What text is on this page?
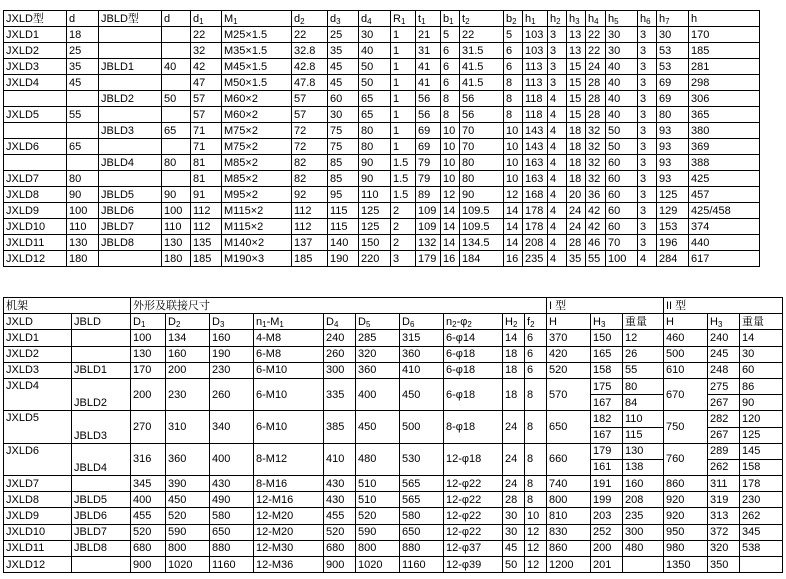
JXLD型	d	JBLD型	d	$d_1$	$M_1$	$d_2$	$d_3$	$d_4$	$R_1$	$t_1$	$b_1$	$t_2$	$b_2$	$h_1$	$h_2$	$h_3$	$h_4$	$h_5$	$h_6$	$h_7$	h
JXLD1	18			22	M25×1.5	22	25	30	1	21	5	22	5	103	3	13	22	30	3	30	170
JXLD2	25			32	M35×1.5	32.8	35	40	1	31	6	31.5	6	103	3	13	22	30	3	53	185
JXLD3	35	JBLD1	40	42	M45×1.5	42.8	45	50	1	41	6	41.5	6	113	3	15	24	40	3	53	281
JXLD4	45			47	M50×1.5	47.8	45	50	1	41	6	41.5	8	113	3	15	28	40	3	69	298
		JBLD2	50	57	M60×2	57	60	65	1	56	8	56	8	118	4	15	28	40	3	69	306
JXLD5	55			57	M60×2	57	30	65	1	56	8	56	8	118	4	15	28	40	3	80	365
		JBLD3	65	71	M75×2	72	75	80	1	69	10	70	10	143	4	18	32	50	3	93	380
JXLD6	65			71	M75×2	72	75	80	1	69	10	70	10	143	4	18	32	50	3	93	369
		JBLD4	80	81	M85×2	82	85	90	1.5	79	10	80	10	163	4	18	32	60	3	93	388
JXLD7	80			81	M85×2	82	85	90	1.5	79	10	80	10	163	4	18	32	60	3	93	425
JXLD8	90	JBLD5	90	91	M95×2	92	95	110	1.5	89	12	90	12	168	4	20	36	60	3	125	457
JXLD9	100	JBLD6	100	112	M115×2	112	115	125	2	109	14	109.5	14	178	4	24	42	60	3	129	425/458
JXLD10	110	JBLD7	110	112	M115×2	112	115	125	2	109	14	109.5	14	178	4	24	42	60	3	153	374
JXLD11	130	JBLD8	130	135	M140×2	137	140	150	2	132	14	134.5	14	208	4	28	46	70	3	196	440
JXLD12	180		180	185	M190×3	185	190	220	3	179	16	184	16	235	4	35	55	100	4	284	617
机架		外形及联接尺寸										I 型			II 型		
JXLD	JBLD	$D_1$	$D_2$	$D_3$	$n_1-M_1$	$D_4$	$D_5$	$D_6$	$n_2-\varphi_2$	$H_2$	$f_2$	H	$H_3$	重量	H	$H_3$	重量
JXLD1		100	134	160	4-M8	240	285	315	6-φ14	14	6	370	150	12	460	240	14
JXLD2		130	160	190	6-M8	260	320	360	6-φ18	18	6	420	165	26	500	245	30
JXLD3	JBLD1	170	200	230	6-M10	300	360	410	6-φ18	18	6	520	158	55	610	248	60
JXLD4		200	230	260	6-M10	335	400	450	6-φ18	18	8	570	175	80	670	275	86
	JBLD2												167	84		267	90
JXLD5		270	310	340	6-M10	385	450	500	8-φ18	24	8	650	182	110	750	282	120
	JBLD3												167	115		267	125
JXLD6		316	360	400	8-M12	410	480	530	12-φ18	24	8	660	179	130	760	289	145
	JBLD4												161	138		262	158
JXLD7		345	390	430	8-M16	430	510	565	12-φ22	24	8	740	191	160	860	311	178
JXLD8	JBLD5	400	450	490	12-M16	430	510	565	12-φ22	28	8	800	199	208	920	319	230
JXLD9	JBLD6	455	520	580	12-M20	455	520	580	12-φ22	30	10	810	203	235	920	313	262
JXLD10	JBLD7	520	590	650	12-M20	520	590	650	12-φ22	30	12	830	252	300	950	372	345
JXLD11	JBLD8	680	800	880	12-M30	680	800	880	12-φ37	45	12	860	200	480	980	320	538
JXLD12		900	1020	1160	12-M36	900	1020	1160	12-φ39	50	12	1200	201		1350	350	
